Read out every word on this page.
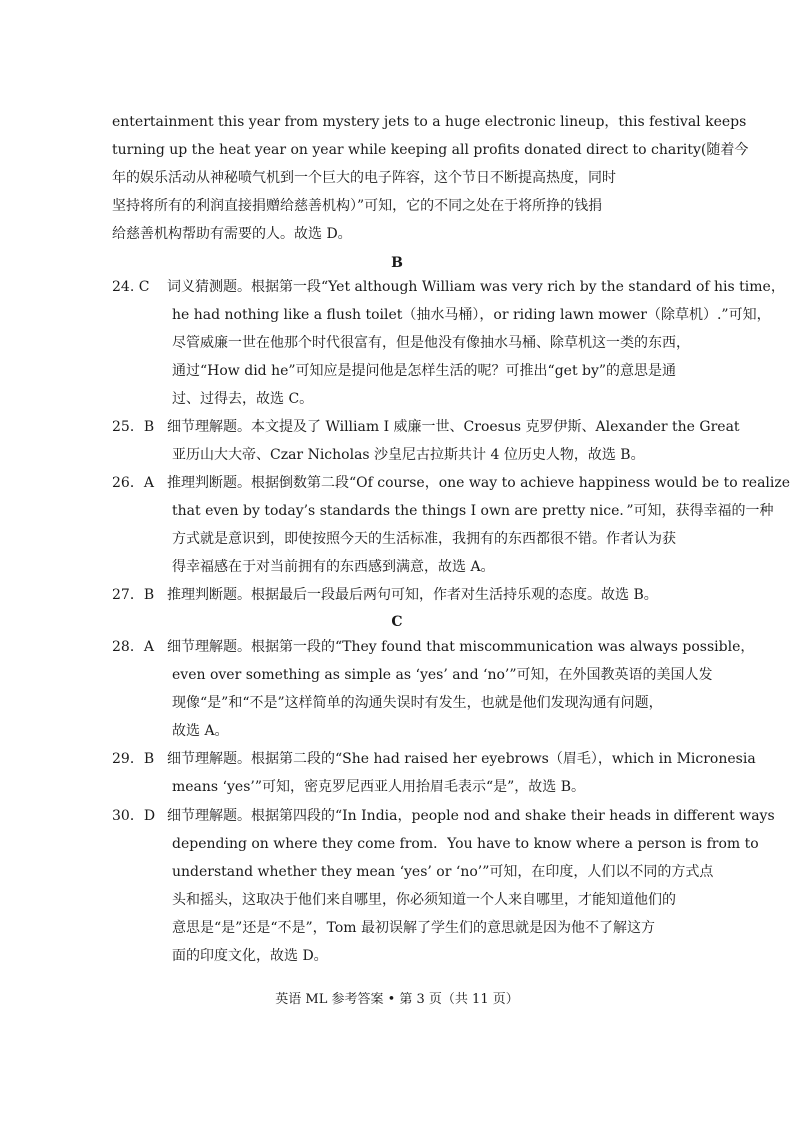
entertainment this year from mystery jets to a huge electronic lineup，this festival keeps
turning up the heat year on year while keeping all profits donated direct to charity(随着今
年的娱乐活动从神秘喷气机到一个巨大的电子阵容，这个节日不断提高热度，同时
坚持将所有的利润直接捐赠给慈善机构）”可知，它的不同之处在于将所挣的钱捐
给慈善机构帮助有需要的人。故选 D。
B
24. C 词义猜测题。根据第一段“Yet although William was very rich by the standard of his time，
he had nothing like a flush toilet（抽水马桶），or riding lawn mower（除草机）.”可知，
尽管威廉一世在他那个时代很富有，但是他没有像抽水马桶、除草机这一类的东西，
通过“How did he”可知应是提问他是怎样生活的呢？可推出“get by”的意思是通
过、过得去，故选 C。
25．B 细节理解题。本文提及了 William I 威廉一世、Croesus 克罗伊斯、Alexander the Great
亚历山大大帝、Czar Nicholas 沙皇尼古拉斯共计 4 位历史人物，故选 B。
26．A 推理判断题。根据倒数第二段“Of course，one way to achieve happiness would be to realize
that even by today’s standards the things I own are pretty nice．”可知，获得幸福的一种
方式就是意识到，即使按照今天的生活标准，我拥有的东西都很不错。作者认为获
得幸福感在于对当前拥有的东西感到满意，故选 A。
27．B 推理判断题。根据最后一段最后两句可知，作者对生活持乐观的态度。故选 B。
C
28．A 细节理解题。根据第一段的“They found that miscommunication was always possible，
even over something as simple as ‘yes’ and ‘no’”可知，在外国教英语的美国人发
现像“是”和“不是”这样简单的沟通失误时有发生，也就是他们发现沟通有问题，
故选 A。
29．B 细节理解题。根据第二段的“She had raised her eyebrows（眉毛），which in Micronesia
means ‘yes’”可知，密克罗尼西亚人用抬眉毛表示“是”，故选 B。
30．D 细节理解题。根据第四段的“In India，people nod and shake their heads in different ways
depending on where they come from．You have to know where a person is from to
understand whether they mean ‘yes’ or ‘no’”可知，在印度，人们以不同的方式点
头和摇头，这取决于他们来自哪里，你必须知道一个人来自哪里，才能知道他们的
意思是“是”还是“不是”，Tom 最初误解了学生们的意思就是因为他不了解这方
面的印度文化，故选 D。
英语 ML 参考答案 • 第 3 页（共 11 页）
